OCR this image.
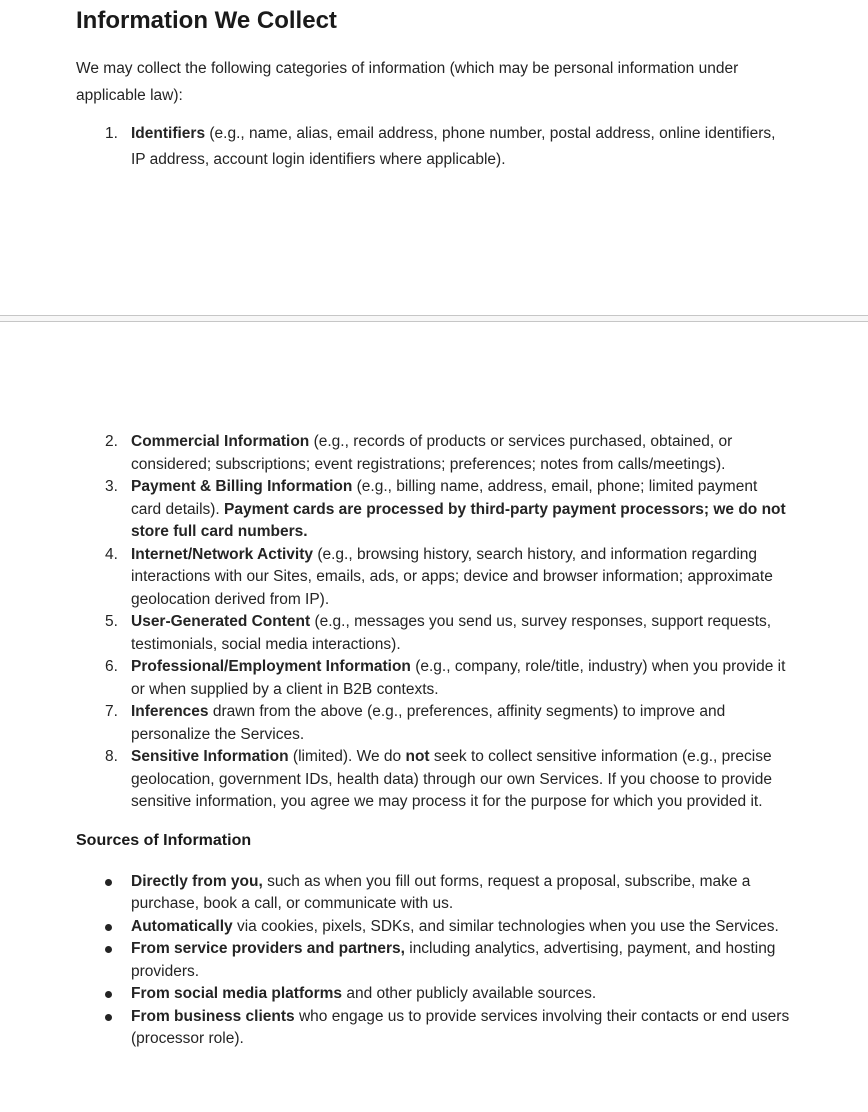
Information We Collect

We may collect the following categories of information (which may be personal information under applicable law):

1. Identifiers (e.g., name, alias, email address, phone number, postal address, online identifiers, IP address, account login identifiers where applicable).
2. Commercial Information (e.g., records of products or services purchased, obtained, or considered; subscriptions; event registrations; preferences; notes from calls/meetings).
3. Payment & Billing Information (e.g., billing name, address, email, phone; limited payment card details). Payment cards are processed by third-party payment processors; we do not store full card numbers.
4. Internet/Network Activity (e.g., browsing history, search history, and information regarding interactions with our Sites, emails, ads, or apps; device and browser information; approximate geolocation derived from IP).
5. User-Generated Content (e.g., messages you send us, survey responses, support requests, testimonials, social media interactions).
6. Professional/Employment Information (e.g., company, role/title, industry) when you provide it or when supplied by a client in B2B contexts.
7. Inferences drawn from the above (e.g., preferences, affinity segments) to improve and personalize the Services.
8. Sensitive Information (limited). We do not seek to collect sensitive information (e.g., precise geolocation, government IDs, health data) through our own Services. If you choose to provide sensitive information, you agree we may process it for the purpose for which you provided it.
Sources of Information
Directly from you, such as when you fill out forms, request a proposal, subscribe, make a purchase, book a call, or communicate with us.
Automatically via cookies, pixels, SDKs, and similar technologies when you use the Services.
From service providers and partners, including analytics, advertising, payment, and hosting providers.
From social media platforms and other publicly available sources.
From business clients who engage us to provide services involving their contacts or end users (processor role).
